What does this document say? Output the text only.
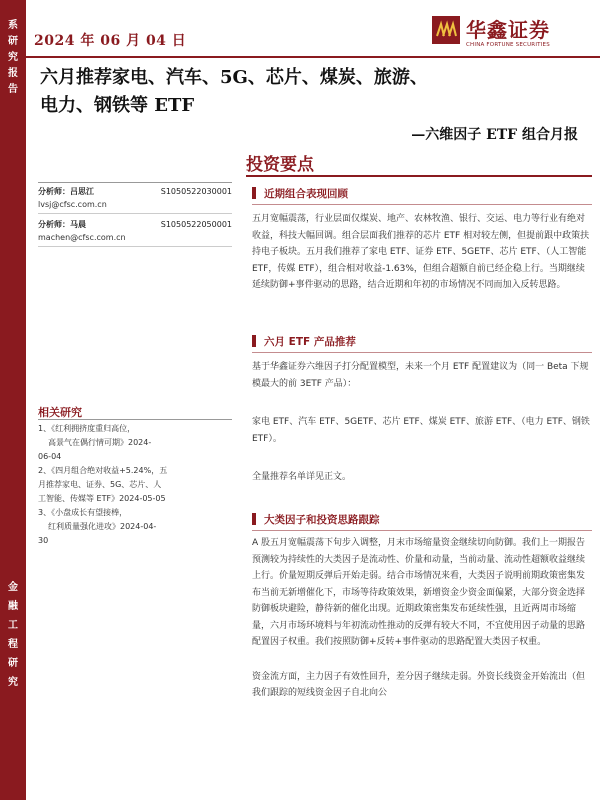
系
研
究
报
告
金
融
工
程
研
究
2024 年 06 月 04 日	华鑫证券
CHINA FORTUNE SECURITIES
六月推荐家电、汽车、5G、芯片、煤炭、旅游、
电力、钢铁等 ETF
—六维因子 ETF 组合月报
投资要点
分析师：吕思江	S1050522030001
lvsj@cfsc.com.cn
分析师：马晨	S1050522050001
machen@cfsc.com.cn
相关研究

1、《红利拥挤度重归高位，

高景气在偶行情可期》2024-

06-04

2、《四月组合绝对收益+5.24%，五

月推荐家电、证券、5G、芯片、人

工智能、传媒等 ETF》2024-05-05

3、《小盘成长有望接棒，

红利质量强化进攻》2024-04-

30

近期组合表现回顾

五月宽幅震荡，行业层面仅煤炭、地产、农林牧渔、银行、交运、电力等行业有绝对收益，科技大幅回调。组合层面我们推荐的芯片 ETF 相对较左侧，但提前跟中政策扶持电子板块。五月我们推荐了家电 ETF、证券 ETF、5GETF、芯片 ETF、（人工智能 ETF，传媒 ETF），组合相对收益-1.63%，但组合超额自前已经企稳上行。当期继续延续防御+事件驱动的思路，结合近期和年初的市场情况不同而加入反转思路。

六月 ETF 产品推荐

基于华鑫证券六维因子打分配置模型，未来一个月 ETF 配置建议为（同一 Beta 下规模最大的前 3ETF 产品）：

家电 ETF、汽车 ETF、5GETF、芯片 ETF、煤炭 ETF、旅游 ETF、（电力 ETF、钢铁 ETF）。

全量推荐名单详见正文。

大类因子和投资思路跟踪

A 股五月宽幅震荡下旬步入调整，月末市场缩量资金继续切向防御。我们上一期报告预测较为持续性的大类因子是流动性、价量和动量，当前动量、流动性超额收益继续上行。价量短期反弹后开始走弱。结合市场情况来看，大类因子说明前期政策密集发布当前无新增催化下，市场等待政策效果，新增资金少资金面偏紧，大部分资金选择防御板块避险，静待新的催化出现。近期政策密集发布延续性强，且近两周市场缩量，六月市场环境料与年初流动性推动的反弹有较大不同，不宜使用因子动量的思路配置因子权重。我们按照防御+反转+事件驱动的思路配置大类因子权重。

资金流方面，主力因子有效性回升，差分因子继续走弱。外资长线资金开始流出（但我们跟踪的短线资金因子自北向公
